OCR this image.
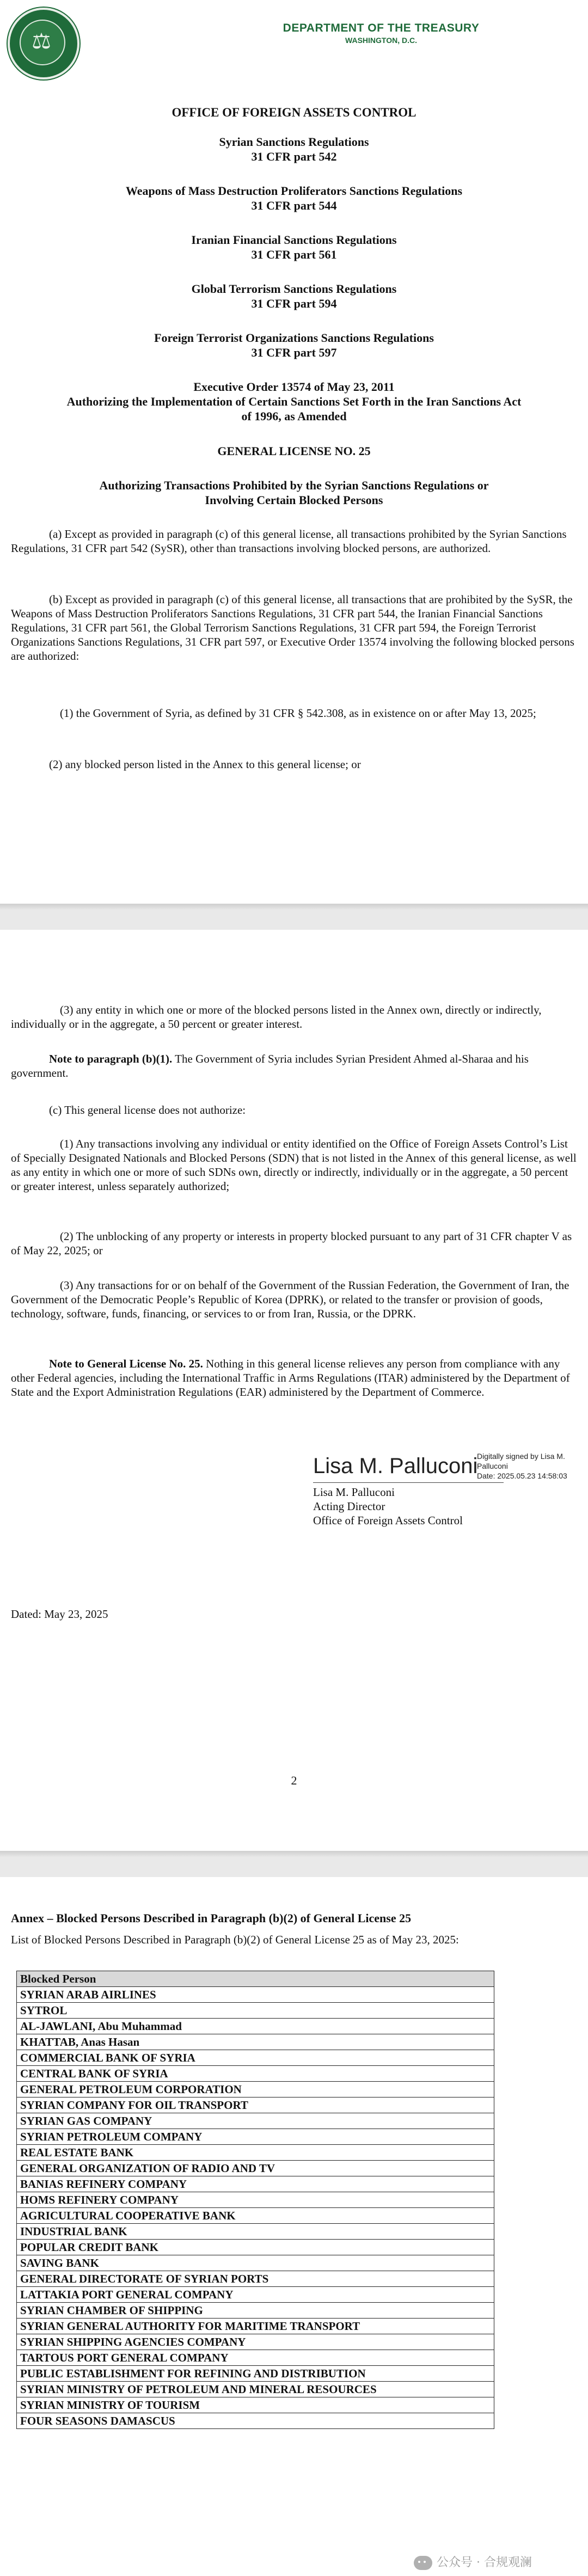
⚖
DEPARTMENT OF THE TREASURY
WASHINGTON, D.C.
OFFICE OF FOREIGN ASSETS CONTROL
Syrian Sanctions Regulations
31 CFR part 542
Weapons of Mass Destruction Proliferators Sanctions Regulations
31 CFR part 544
Iranian Financial Sanctions Regulations
31 CFR part 561
Global Terrorism Sanctions Regulations
31 CFR part 594
Foreign Terrorist Organizations Sanctions Regulations
31 CFR part 597
Executive Order 13574 of May 23, 2011
Authorizing the Implementation of Certain Sanctions Set Forth in the Iran Sanctions Act
of 1996, as Amended
GENERAL LICENSE NO. 25
Authorizing Transactions Prohibited by the Syrian Sanctions Regulations or
Involving Certain Blocked Persons
(a) Except as provided in paragraph (c) of this general license, all transactions prohibited by the Syrian Sanctions Regulations, 31 CFR part 542 (SySR), other than transactions involving blocked persons, are authorized.
(b) Except as provided in paragraph (c) of this general license, all transactions that are prohibited by the SySR, the Weapons of Mass Destruction Proliferators Sanctions Regulations, 31 CFR part 544, the Iranian Financial Sanctions Regulations, 31 CFR part 561, the Global Terrorism Sanctions Regulations, 31 CFR part 594, the Foreign Terrorist Organizations Sanctions Regulations, 31 CFR part 597, or Executive Order 13574 involving the following blocked persons are authorized:
(1) the Government of Syria, as defined by 31 CFR § 542.308, as in existence on or after May 13, 2025;
(2) any blocked person listed in the Annex to this general license; or
(3) any entity in which one or more of the blocked persons listed in the Annex own, directly or indirectly, individually or in the aggregate, a 50 percent or greater interest.
Note to paragraph (b)(1). The Government of Syria includes Syrian President Ahmed al-Sharaa and his government.
(c) This general license does not authorize:
(1) Any transactions involving any individual or entity identified on the Office of Foreign Assets Control’s List of Specially Designated Nationals and Blocked Persons (SDN) that is not listed in the Annex of this general license, as well as any entity in which one or more of such SDNs own, directly or indirectly, individually or in the aggregate, a 50 percent or greater interest, unless separately authorized;
(2) The unblocking of any property or interests in property blocked pursuant to any part of 31 CFR chapter V as of May 22, 2025; or
(3) Any transactions for or on behalf of the Government of the Russian Federation, the Government of Iran, the Government of the Democratic People’s Republic of Korea (DPRK), or related to the transfer or provision of goods, technology, software, funds, financing, or services to or from Iran, Russia, or the DPRK.
Note to General License No. 25. Nothing in this general license relieves any person from compliance with any other Federal agencies, including the International Traffic in Arms Regulations (ITAR) administered by the Department of State and the Export Administration Regulations (EAR) administered by the Department of Commerce.
Lisa M. Palluconi
Digitally signed by Lisa M.
Palluconi
Date: 2025.05.23 14:58:03
Lisa M. Palluconi
Acting Director
Office of Foreign Assets Control
Dated: May 23, 2025
2
Annex – Blocked Persons Described in Paragraph (b)(2) of General License 25
List of Blocked Persons Described in Paragraph (b)(2) of General License 25 as of May 23, 2025:
Blocked Person
SYRIAN ARAB AIRLINES
SYTROL
AL-JAWLANI, Abu Muhammad
KHATTAB, Anas Hasan
COMMERCIAL BANK OF SYRIA
CENTRAL BANK OF SYRIA
GENERAL PETROLEUM CORPORATION
SYRIAN COMPANY FOR OIL TRANSPORT
SYRIAN GAS COMPANY
SYRIAN PETROLEUM COMPANY
REAL ESTATE BANK
GENERAL ORGANIZATION OF RADIO AND TV
BANIAS REFINERY COMPANY
HOMS REFINERY COMPANY
AGRICULTURAL COOPERATIVE BANK
INDUSTRIAL BANK
POPULAR CREDIT BANK
SAVING BANK
GENERAL DIRECTORATE OF SYRIAN PORTS
LATTAKIA PORT GENERAL COMPANY
SYRIAN CHAMBER OF SHIPPING
SYRIAN GENERAL AUTHORITY FOR MARITIME TRANSPORT
SYRIAN SHIPPING AGENCIES COMPANY
TARTOUS PORT GENERAL COMPANY
PUBLIC ESTABLISHMENT FOR REFINING AND DISTRIBUTION
SYRIAN MINISTRY OF PETROLEUM AND MINERAL RESOURCES
SYRIAN MINISTRY OF TOURISM
FOUR SEASONS DAMASCUS
公众号 · 合规观澜
